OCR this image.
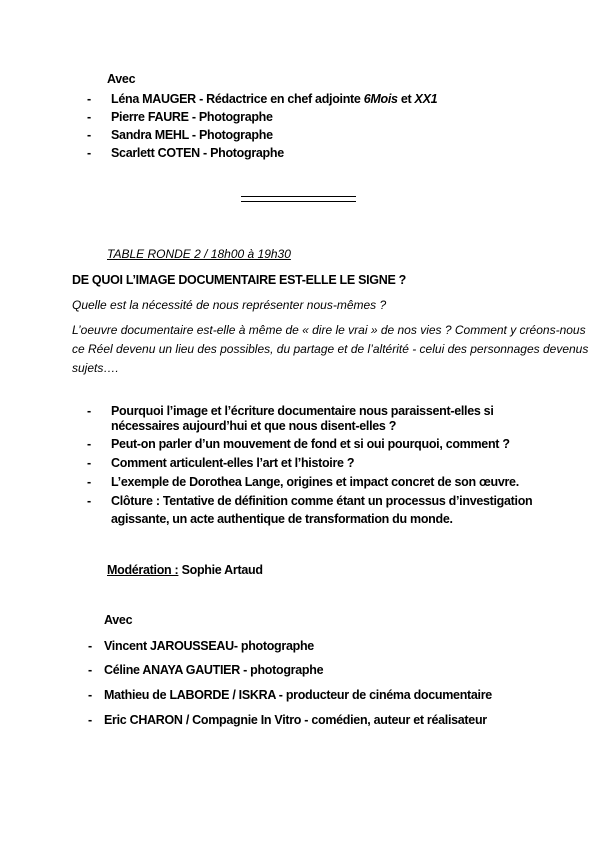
Avec
- Léna MAUGER - Rédactrice en chef adjointe 6Mois et XX1
- Pierre FAURE - Photographe
- Sandra MEHL - Photographe
- Scarlett COTEN - Photographe
TABLE RONDE 2 / 18h00 à 19h30
DE QUOI L’IMAGE DOCUMENTAIRE EST-ELLE LE SIGNE ?
Quelle est la nécessité de nous représenter nous-mêmes ?
L’oeuvre documentaire est-elle à même de « dire le vrai » de nos vies ? Comment y créons-nous
ce Réel devenu un lieu des possibles, du partage et de l’altérité - celui des personnages devenus
sujets….
- Pourquoi l’image et l’écriture documentaire nous paraissent-elles si
nécessaires aujourd’hui et que nous disent-elles ?
- Peut-on parler d’un mouvement de fond et si oui pourquoi, comment ?
- Comment articulent-elles l’art et l’histoire ?
- L’exemple de Dorothea Lange, origines et impact concret de son œuvre.
- Clôture : Tentative de définition comme étant un processus d’investigation
agissante, un acte authentique de transformation du monde.
Modération : Sophie Artaud
Avec
- Vincent JAROUSSEAU- photographe
- Céline ANAYA GAUTIER - photographe
- Mathieu de LABORDE / ISKRA - producteur de cinéma documentaire
- Eric CHARON / Compagnie In Vitro - comédien, auteur et réalisateur
